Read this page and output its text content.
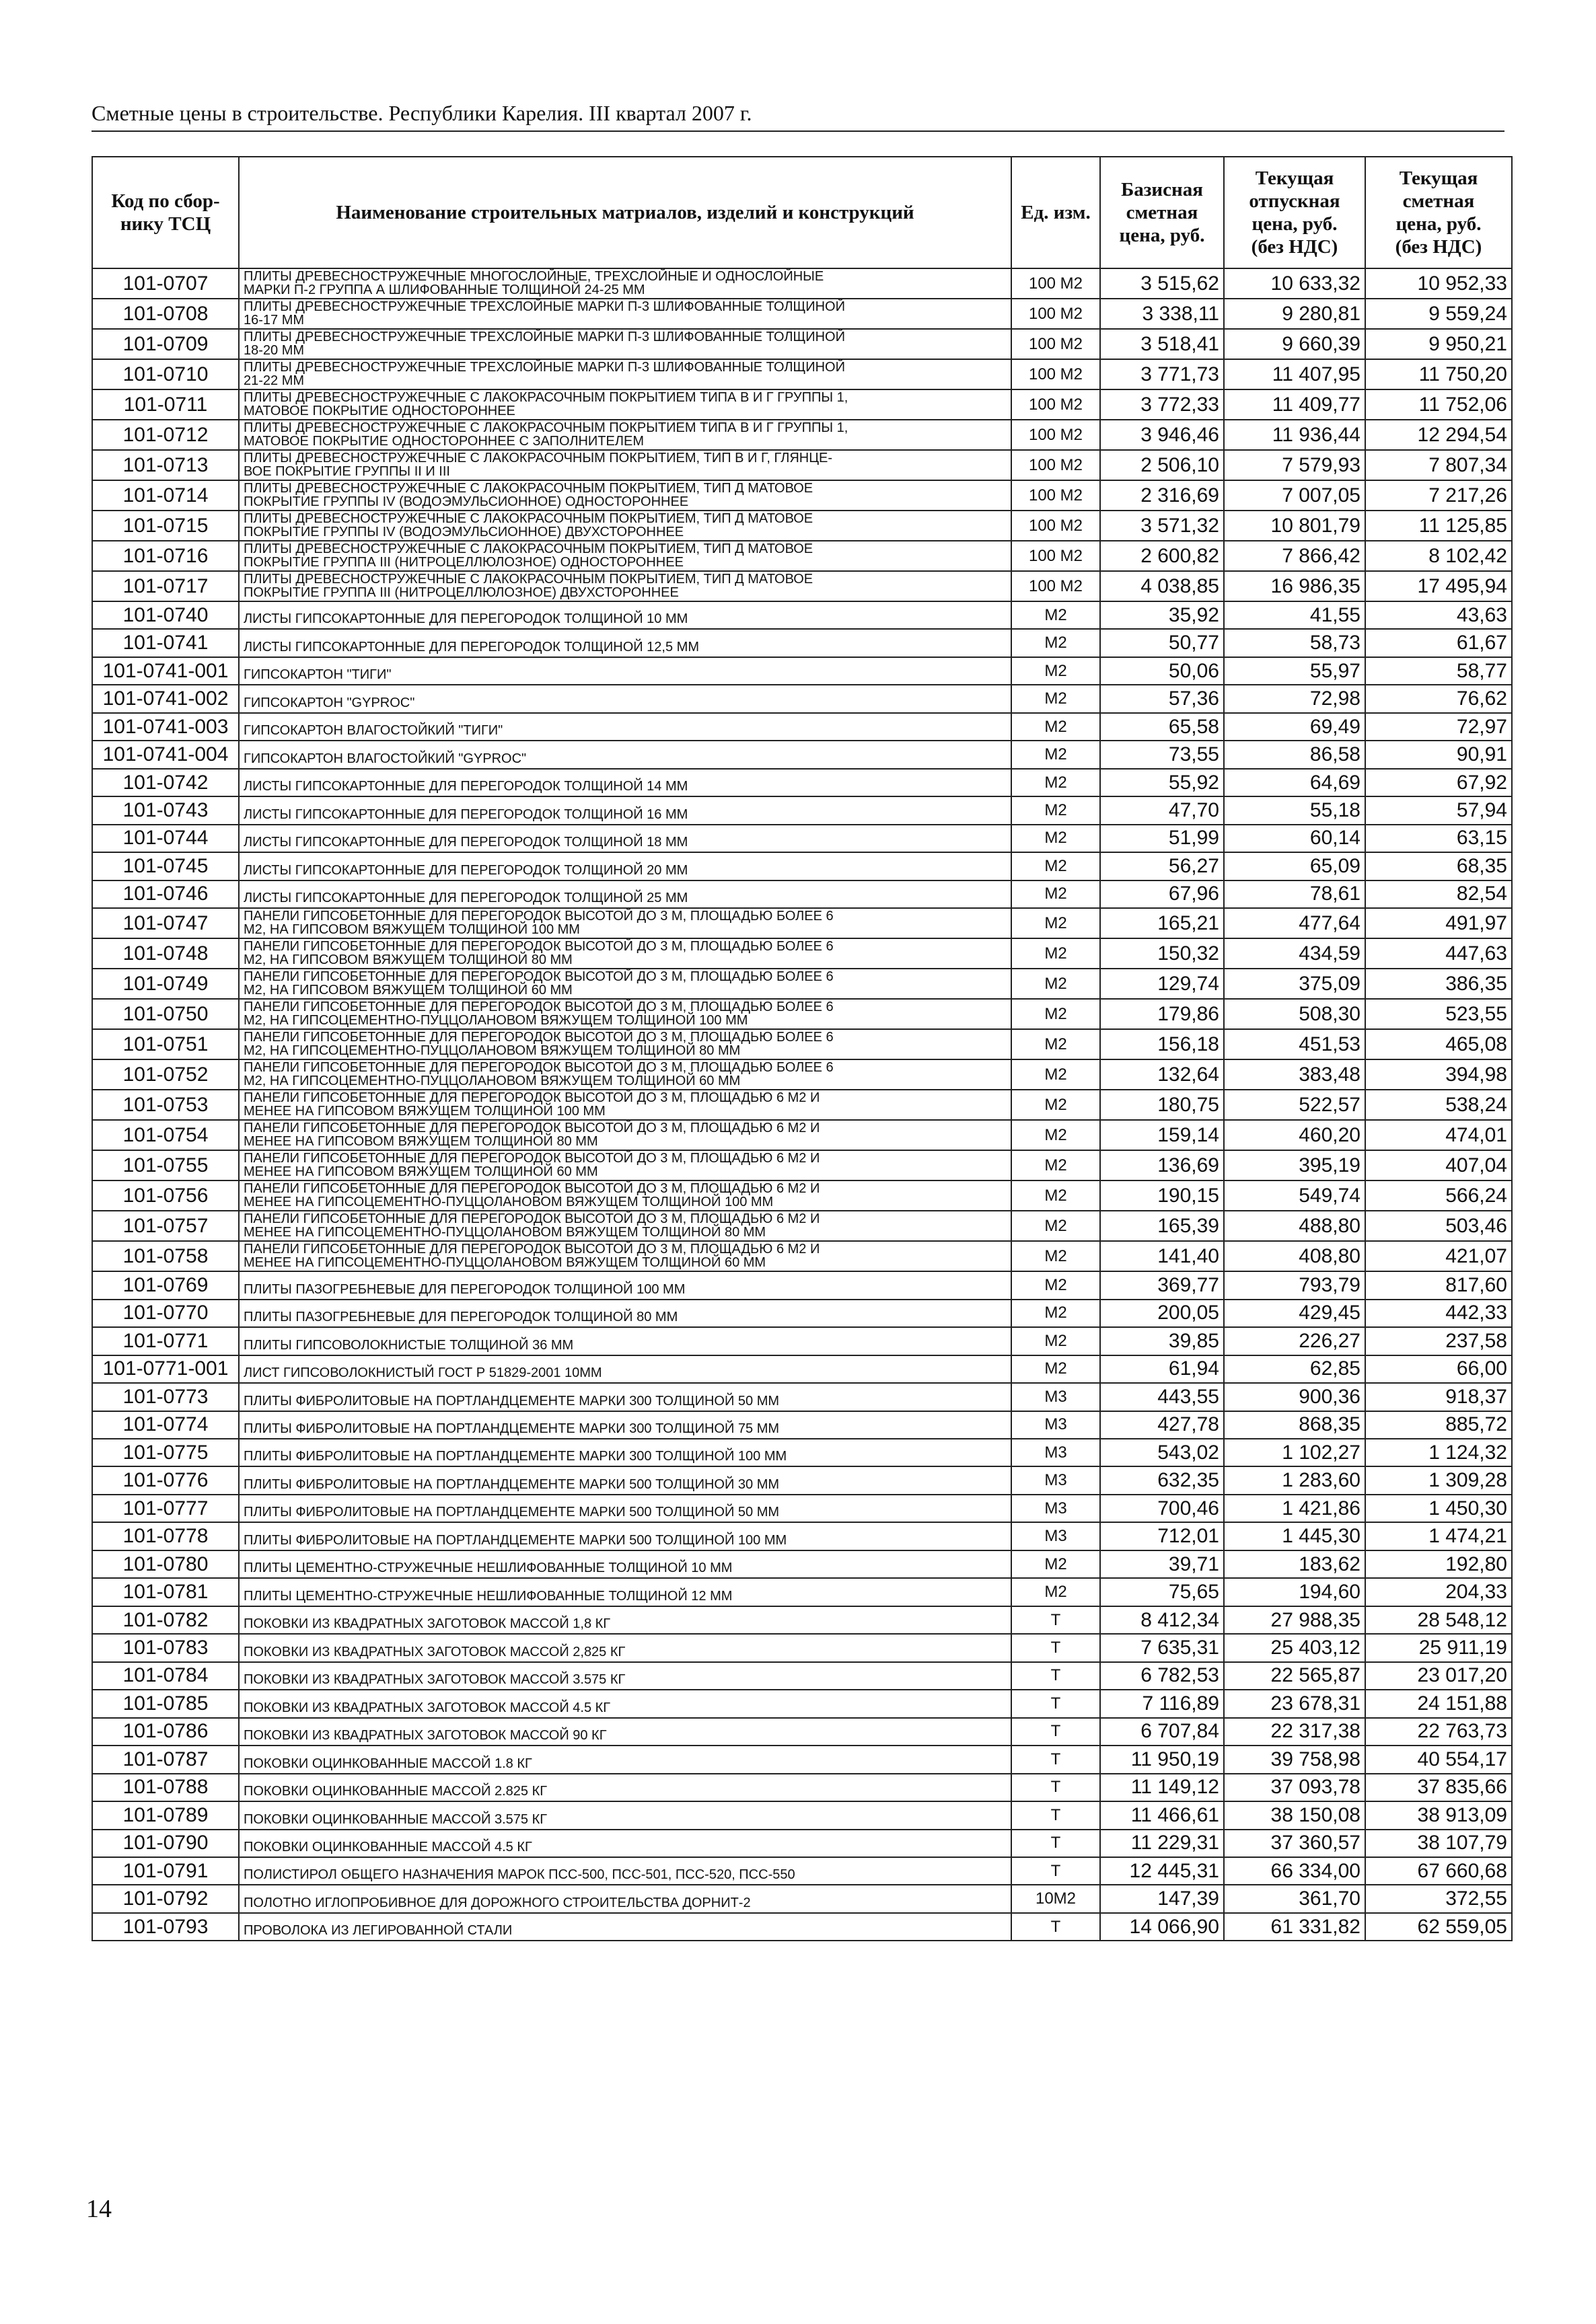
Сметные цены в строительстве. Республики Карелия. III квартал 2007 г.
Код по сбор-
нику ТСЦ	Наименование строительных матриалов, изделий и конструкций	Ед. изм.	Базисная
сметная
цена, руб.	Текущая
отпускная
цена, руб.
(без НДС)	Текущая
сметная
цена, руб.
(без НДС)
101-0707	ПЛИТЫ ДРЕВЕСНОСТРУЖЕЧНЫЕ МНОГОСЛОЙНЫЕ, ТРЕХСЛОЙНЫЕ И ОДНОСЛОЙНЫЕ
МАРКИ П-2 ГРУППА А ШЛИФОВАННЫЕ ТОЛЩИНОЙ 24-25 ММ	100 М2	3 515,62	10 633,32	10 952,33
101-0708	ПЛИТЫ ДРЕВЕСНОСТРУЖЕЧНЫЕ ТРЕХСЛОЙНЫЕ МАРКИ П-3 ШЛИФОВАННЫЕ ТОЛЩИНОЙ
16-17 ММ	100 М2	3 338,11	9 280,81	9 559,24
101-0709	ПЛИТЫ ДРЕВЕСНОСТРУЖЕЧНЫЕ ТРЕХСЛОЙНЫЕ МАРКИ П-3 ШЛИФОВАННЫЕ ТОЛЩИНОЙ
18-20 ММ	100 М2	3 518,41	9 660,39	9 950,21
101-0710	ПЛИТЫ ДРЕВЕСНОСТРУЖЕЧНЫЕ ТРЕХСЛОЙНЫЕ МАРКИ П-3 ШЛИФОВАННЫЕ ТОЛЩИНОЙ
21-22 ММ	100 М2	3 771,73	11 407,95	11 750,20
101-0711	ПЛИТЫ ДРЕВЕСНОСТРУЖЕЧНЫЕ С ЛАКОКРАСОЧНЫМ ПОКРЫТИЕМ ТИПА В И Г ГРУППЫ 1,
МАТОВОЕ ПОКРЫТИЕ ОДНОСТОРОННЕЕ	100 М2	3 772,33	11 409,77	11 752,06
101-0712	ПЛИТЫ ДРЕВЕСНОСТРУЖЕЧНЫЕ С ЛАКОКРАСОЧНЫМ ПОКРЫТИЕМ ТИПА В И Г ГРУППЫ 1,
МАТОВОЕ ПОКРЫТИЕ ОДНОСТОРОННЕЕ С ЗАПОЛНИТЕЛЕМ	100 М2	3 946,46	11 936,44	12 294,54
101-0713	ПЛИТЫ ДРЕВЕСНОСТРУЖЕЧНЫЕ С ЛАКОКРАСОЧНЫМ ПОКРЫТИЕМ, ТИП В И Г, ГЛЯНЦЕ-
ВОЕ ПОКРЫТИЕ ГРУППЫ II И III	100 М2	2 506,10	7 579,93	7 807,34
101-0714	ПЛИТЫ ДРЕВЕСНОСТРУЖЕЧНЫЕ С ЛАКОКРАСОЧНЫМ ПОКРЫТИЕМ, ТИП Д МАТОВОЕ
ПОКРЫТИЕ ГРУППЫ IV (ВОДОЭМУЛЬСИОННОЕ) ОДНОСТОРОННЕЕ	100 М2	2 316,69	7 007,05	7 217,26
101-0715	ПЛИТЫ ДРЕВЕСНОСТРУЖЕЧНЫЕ С ЛАКОКРАСОЧНЫМ ПОКРЫТИЕМ, ТИП Д МАТОВОЕ
ПОКРЫТИЕ ГРУППЫ IV (ВОДОЭМУЛЬСИОННОЕ) ДВУХСТОРОННЕЕ	100 М2	3 571,32	10 801,79	11 125,85
101-0716	ПЛИТЫ ДРЕВЕСНОСТРУЖЕЧНЫЕ С ЛАКОКРАСОЧНЫМ ПОКРЫТИЕМ, ТИП Д МАТОВОЕ
ПОКРЫТИЕ ГРУППА III (НИТРОЦЕЛЛЮЛОЗНОЕ) ОДНОСТОРОННЕЕ	100 М2	2 600,82	7 866,42	8 102,42
101-0717	ПЛИТЫ ДРЕВЕСНОСТРУЖЕЧНЫЕ С ЛАКОКРАСОЧНЫМ ПОКРЫТИЕМ, ТИП Д МАТОВОЕ
ПОКРЫТИЕ ГРУППА III (НИТРОЦЕЛЛЮЛОЗНОЕ) ДВУХСТОРОННЕЕ	100 М2	4 038,85	16 986,35	17 495,94
101-0740	ЛИСТЫ ГИПСОКАРТОННЫЕ ДЛЯ ПЕРЕГОРОДОК ТОЛЩИНОЙ 10 ММ	М2	35,92	41,55	43,63
101-0741	ЛИСТЫ ГИПСОКАРТОННЫЕ ДЛЯ ПЕРЕГОРОДОК ТОЛЩИНОЙ 12,5 ММ	М2	50,77	58,73	61,67
101-0741-001	ГИПСОКАРТОН "ТИГИ"	М2	50,06	55,97	58,77
101-0741-002	ГИПСОКАРТОН "GYPROC"	М2	57,36	72,98	76,62
101-0741-003	ГИПСОКАРТОН ВЛАГОСТОЙКИЙ "ТИГИ"	М2	65,58	69,49	72,97
101-0741-004	ГИПСОКАРТОН ВЛАГОСТОЙКИЙ "GYPROC"	М2	73,55	86,58	90,91
101-0742	ЛИСТЫ ГИПСОКАРТОННЫЕ ДЛЯ ПЕРЕГОРОДОК ТОЛЩИНОЙ 14 ММ	М2	55,92	64,69	67,92
101-0743	ЛИСТЫ ГИПСОКАРТОННЫЕ ДЛЯ ПЕРЕГОРОДОК ТОЛЩИНОЙ 16 ММ	М2	47,70	55,18	57,94
101-0744	ЛИСТЫ ГИПСОКАРТОННЫЕ ДЛЯ ПЕРЕГОРОДОК ТОЛЩИНОЙ 18 ММ	М2	51,99	60,14	63,15
101-0745	ЛИСТЫ ГИПСОКАРТОННЫЕ ДЛЯ ПЕРЕГОРОДОК ТОЛЩИНОЙ 20 ММ	М2	56,27	65,09	68,35
101-0746	ЛИСТЫ ГИПСОКАРТОННЫЕ ДЛЯ ПЕРЕГОРОДОК ТОЛЩИНОЙ 25 ММ	М2	67,96	78,61	82,54
101-0747	ПАНЕЛИ ГИПСОБЕТОННЫЕ ДЛЯ ПЕРЕГОРОДОК ВЫСОТОЙ ДО 3 М, ПЛОЩАДЬЮ БОЛЕЕ 6
М2, НА ГИПСОВОМ ВЯЖУЩЕМ ТОЛЩИНОЙ 100 ММ	М2	165,21	477,64	491,97
101-0748	ПАНЕЛИ ГИПСОБЕТОННЫЕ ДЛЯ ПЕРЕГОРОДОК ВЫСОТОЙ ДО 3 М, ПЛОЩАДЬЮ БОЛЕЕ 6
М2, НА ГИПСОВОМ ВЯЖУЩЕМ ТОЛЩИНОЙ 80 ММ	М2	150,32	434,59	447,63
101-0749	ПАНЕЛИ ГИПСОБЕТОННЫЕ ДЛЯ ПЕРЕГОРОДОК ВЫСОТОЙ ДО 3 М, ПЛОЩАДЬЮ БОЛЕЕ 6
М2, НА ГИПСОВОМ ВЯЖУЩЕМ ТОЛЩИНОЙ 60 ММ	М2	129,74	375,09	386,35
101-0750	ПАНЕЛИ ГИПСОБЕТОННЫЕ ДЛЯ ПЕРЕГОРОДОК ВЫСОТОЙ ДО 3 М, ПЛОЩАДЬЮ БОЛЕЕ 6
М2, НА ГИПСОЦЕМЕНТНО-ПУЦЦОЛАНОВОМ ВЯЖУЩЕМ ТОЛЩИНОЙ 100 ММ	М2	179,86	508,30	523,55
101-0751	ПАНЕЛИ ГИПСОБЕТОННЫЕ ДЛЯ ПЕРЕГОРОДОК ВЫСОТОЙ ДО 3 М, ПЛОЩАДЬЮ БОЛЕЕ 6
М2, НА ГИПСОЦЕМЕНТНО-ПУЦЦОЛАНОВОМ ВЯЖУЩЕМ ТОЛЩИНОЙ 80 ММ	М2	156,18	451,53	465,08
101-0752	ПАНЕЛИ ГИПСОБЕТОННЫЕ ДЛЯ ПЕРЕГОРОДОК ВЫСОТОЙ ДО 3 М, ПЛОЩАДЬЮ БОЛЕЕ 6
М2, НА ГИПСОЦЕМЕНТНО-ПУЦЦОЛАНОВОМ ВЯЖУЩЕМ ТОЛЩИНОЙ 60 ММ	М2	132,64	383,48	394,98
101-0753	ПАНЕЛИ ГИПСОБЕТОННЫЕ ДЛЯ ПЕРЕГОРОДОК ВЫСОТОЙ ДО 3 М, ПЛОЩАДЬЮ 6 М2 И
МЕНЕЕ НА ГИПСОВОМ ВЯЖУЩЕМ ТОЛЩИНОЙ 100 ММ	М2	180,75	522,57	538,24
101-0754	ПАНЕЛИ ГИПСОБЕТОННЫЕ ДЛЯ ПЕРЕГОРОДОК ВЫСОТОЙ ДО 3 М, ПЛОЩАДЬЮ 6 М2 И
МЕНЕЕ НА ГИПСОВОМ ВЯЖУЩЕМ ТОЛЩИНОЙ 80 ММ	М2	159,14	460,20	474,01
101-0755	ПАНЕЛИ ГИПСОБЕТОННЫЕ ДЛЯ ПЕРЕГОРОДОК ВЫСОТОЙ ДО 3 М, ПЛОЩАДЬЮ 6 М2 И
МЕНЕЕ НА ГИПСОВОМ ВЯЖУЩЕМ ТОЛЩИНОЙ 60 ММ	М2	136,69	395,19	407,04
101-0756	ПАНЕЛИ ГИПСОБЕТОННЫЕ ДЛЯ ПЕРЕГОРОДОК ВЫСОТОЙ ДО 3 М, ПЛОЩАДЬЮ 6 М2 И
МЕНЕЕ НА ГИПСОЦЕМЕНТНО-ПУЦЦОЛАНОВОМ ВЯЖУЩЕМ ТОЛЩИНОЙ 100 ММ	М2	190,15	549,74	566,24
101-0757	ПАНЕЛИ ГИПСОБЕТОННЫЕ ДЛЯ ПЕРЕГОРОДОК ВЫСОТОЙ ДО 3 М, ПЛОЩАДЬЮ 6 М2 И
МЕНЕЕ НА ГИПСОЦЕМЕНТНО-ПУЦЦОЛАНОВОМ ВЯЖУЩЕМ ТОЛЩИНОЙ 80 ММ	М2	165,39	488,80	503,46
101-0758	ПАНЕЛИ ГИПСОБЕТОННЫЕ ДЛЯ ПЕРЕГОРОДОК ВЫСОТОЙ ДО 3 М, ПЛОЩАДЬЮ 6 М2 И
МЕНЕЕ НА ГИПСОЦЕМЕНТНО-ПУЦЦОЛАНОВОМ ВЯЖУЩЕМ ТОЛЩИНОЙ 60 ММ	М2	141,40	408,80	421,07
101-0769	ПЛИТЫ ПАЗОГРЕБНЕВЫЕ ДЛЯ ПЕРЕГОРОДОК ТОЛЩИНОЙ 100 ММ	М2	369,77	793,79	817,60
101-0770	ПЛИТЫ ПАЗОГРЕБНЕВЫЕ ДЛЯ ПЕРЕГОРОДОК ТОЛЩИНОЙ 80 ММ	М2	200,05	429,45	442,33
101-0771	ПЛИТЫ ГИПСОВОЛОКНИСТЫЕ ТОЛЩИНОЙ 36 ММ	М2	39,85	226,27	237,58
101-0771-001	ЛИСТ ГИПСОВОЛОКНИСТЫЙ ГОСТ Р 51829-2001 10ММ	М2	61,94	62,85	66,00
101-0773	ПЛИТЫ ФИБРОЛИТОВЫЕ НА ПОРТЛАНДЦЕМЕНТЕ МАРКИ 300 ТОЛЩИНОЙ 50 ММ	М3	443,55	900,36	918,37
101-0774	ПЛИТЫ ФИБРОЛИТОВЫЕ НА ПОРТЛАНДЦЕМЕНТЕ МАРКИ 300 ТОЛЩИНОЙ 75 ММ	М3	427,78	868,35	885,72
101-0775	ПЛИТЫ ФИБРОЛИТОВЫЕ НА ПОРТЛАНДЦЕМЕНТЕ МАРКИ 300 ТОЛЩИНОЙ 100 ММ	М3	543,02	1 102,27	1 124,32
101-0776	ПЛИТЫ ФИБРОЛИТОВЫЕ НА ПОРТЛАНДЦЕМЕНТЕ МАРКИ 500 ТОЛЩИНОЙ 30 ММ	М3	632,35	1 283,60	1 309,28
101-0777	ПЛИТЫ ФИБРОЛИТОВЫЕ НА ПОРТЛАНДЦЕМЕНТЕ МАРКИ 500 ТОЛЩИНОЙ 50 ММ	М3	700,46	1 421,86	1 450,30
101-0778	ПЛИТЫ ФИБРОЛИТОВЫЕ НА ПОРТЛАНДЦЕМЕНТЕ МАРКИ 500 ТОЛЩИНОЙ 100 ММ	М3	712,01	1 445,30	1 474,21
101-0780	ПЛИТЫ ЦЕМЕНТНО-СТРУЖЕЧНЫЕ НЕШЛИФОВАННЫЕ ТОЛЩИНОЙ 10 ММ	М2	39,71	183,62	192,80
101-0781	ПЛИТЫ ЦЕМЕНТНО-СТРУЖЕЧНЫЕ НЕШЛИФОВАННЫЕ ТОЛЩИНОЙ 12 ММ	М2	75,65	194,60	204,33
101-0782	ПОКОВКИ ИЗ КВАДРАТНЫХ ЗАГОТОВОК МАССОЙ 1,8 КГ	Т	8 412,34	27 988,35	28 548,12
101-0783	ПОКОВКИ ИЗ КВАДРАТНЫХ ЗАГОТОВОК МАССОЙ 2,825 КГ	Т	7 635,31	25 403,12	25 911,19
101-0784	ПОКОВКИ ИЗ КВАДРАТНЫХ ЗАГОТОВОК МАССОЙ 3.575 КГ	Т	6 782,53	22 565,87	23 017,20
101-0785	ПОКОВКИ ИЗ КВАДРАТНЫХ ЗАГОТОВОК МАССОЙ 4.5 КГ	Т	7 116,89	23 678,31	24 151,88
101-0786	ПОКОВКИ ИЗ КВАДРАТНЫХ ЗАГОТОВОК МАССОЙ 90 КГ	Т	6 707,84	22 317,38	22 763,73
101-0787	ПОКОВКИ ОЦИНКОВАННЫЕ МАССОЙ 1.8 КГ	Т	11 950,19	39 758,98	40 554,17
101-0788	ПОКОВКИ ОЦИНКОВАННЫЕ МАССОЙ 2.825 КГ	Т	11 149,12	37 093,78	37 835,66
101-0789	ПОКОВКИ ОЦИНКОВАННЫЕ МАССОЙ 3.575 КГ	Т	11 466,61	38 150,08	38 913,09
101-0790	ПОКОВКИ ОЦИНКОВАННЫЕ МАССОЙ 4.5 КГ	Т	11 229,31	37 360,57	38 107,79
101-0791	ПОЛИСТИРОЛ ОБЩЕГО НАЗНАЧЕНИЯ МАРОК ПСС-500, ПСС-501, ПСС-520, ПСС-550	Т	12 445,31	66 334,00	67 660,68
101-0792	ПОЛОТНО ИГЛОПРОБИВНОЕ ДЛЯ ДОРОЖНОГО СТРОИТЕЛЬСТВА ДОРНИТ-2	10М2	147,39	361,70	372,55
101-0793	ПРОВОЛОКА ИЗ ЛЕГИРОВАННОЙ СТАЛИ	Т	14 066,90	61 331,82	62 559,05
14
